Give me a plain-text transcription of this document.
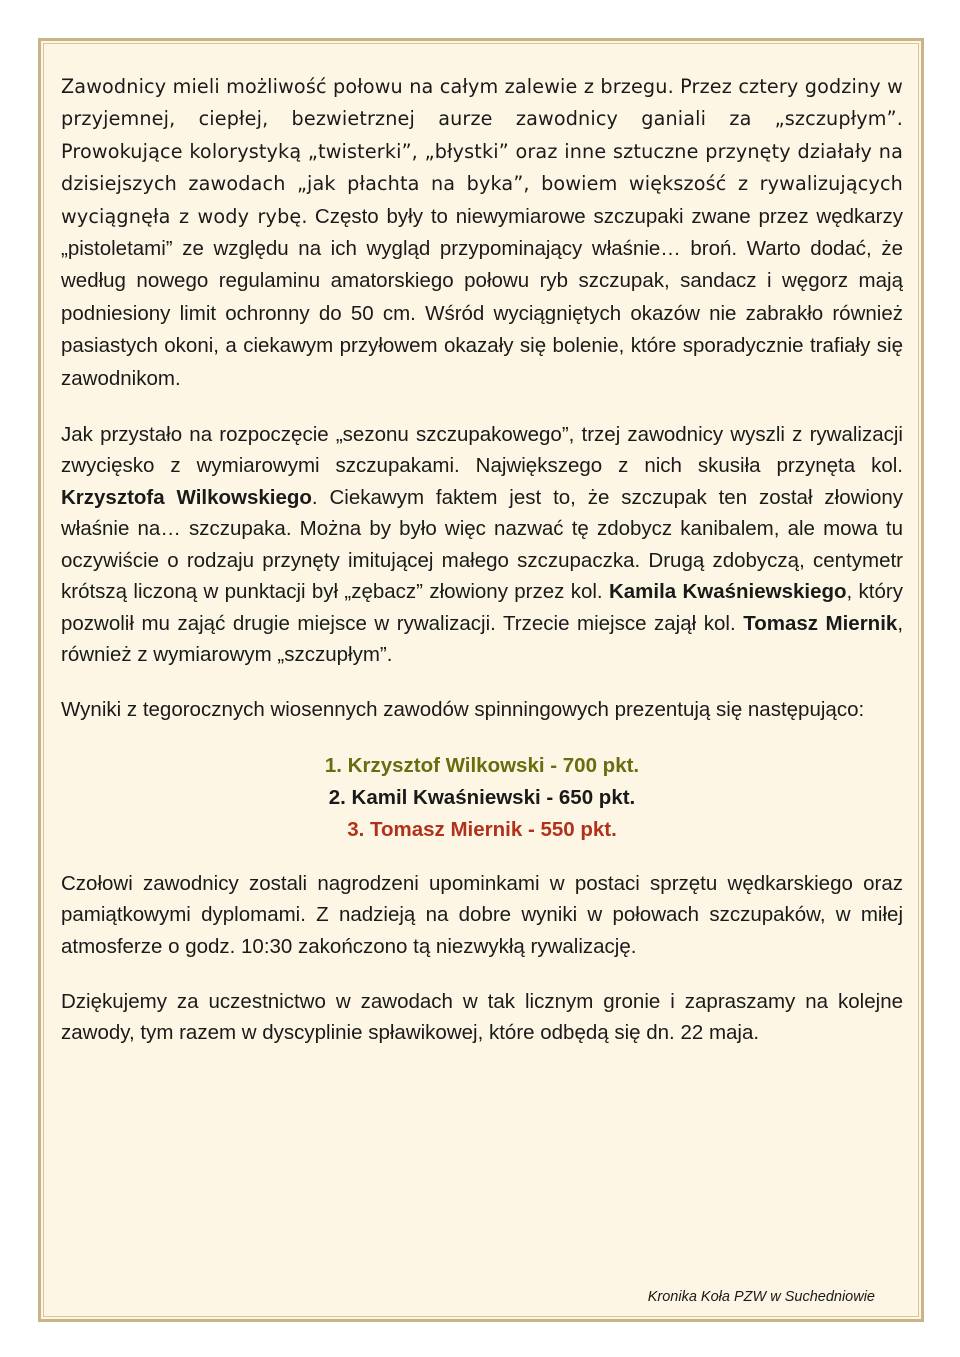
Zawodnicy mieli możliwość połowu na całym zalewie z brzegu. Przez cztery godziny w przyjemnej, ciepłej, bezwietrznej aurze zawodnicy ganiali za „szczupłym”. Prowokujące kolorystyką „twisterki”, „błystki” oraz inne sztuczne przynęty działały na dzisiejszych zawodach „jak płachta na byka”, bowiem większość z rywalizujących wyciągnęła z wody rybę. Często były to niewymiarowe szczupaki zwane przez wędkarzy „pistoletami” ze względu na ich wygląd przypominający właśnie… broń. Warto dodać, że według nowego regulaminu amatorskiego połowu ryb szczupak, sandacz i węgorz mają podniesiony limit ochronny do 50 cm. Wśród wyciągniętych okazów nie zabrakło również pasiastych okoni, a ciekawym przyłowem okazały się bolenie, które sporadycznie trafiały się zawodnikom.

Jak przystało na rozpoczęcie „sezonu szczupakowego”, trzej zawodnicy wyszli z rywalizacji zwycięsko z wymiarowymi szczupakami. Największego z nich skusiła przynęta kol. Krzysztofa Wilkowskiego. Ciekawym faktem jest to, że szczupak ten został złowiony właśnie na… szczupaka. Można by było więc nazwać tę zdobycz kanibalem, ale mowa tu oczywiście o rodzaju przynęty imitującej małego szczupaczka. Drugą zdobyczą, centymetr krótszą liczoną w punktacji był „zębacz” złowiony przez kol. Kamila Kwaśniewskiego, który pozwolił mu zająć drugie miejsce w rywalizacji. Trzecie miejsce zajął kol. Tomasz Miernik, również z wymiarowym „szczupłym”.

Wyniki z tegorocznych wiosennych zawodów spinningowych prezentują się następująco:

1. Krzysztof Wilkowski - 700 pkt.
2. Kamil Kwaśniewski - 650 pkt.
3. Tomasz Miernik - 550 pkt.

Czołowi zawodnicy zostali nagrodzeni upominkami w postaci sprzętu wędkarskiego oraz pamiątkowymi dyplomami. Z nadzieją na dobre wyniki w połowach szczupaków, w miłej atmosferze o godz. 10:30 zakończono tą niezwykłą rywalizację.

Dziękujemy za uczestnictwo w zawodach w tak licznym gronie i zapraszamy na kolejne zawody, tym razem w dyscyplinie spławikowej, które odbędą się dn. 22 maja.

Kronika Koła PZW w Suchedniowie
